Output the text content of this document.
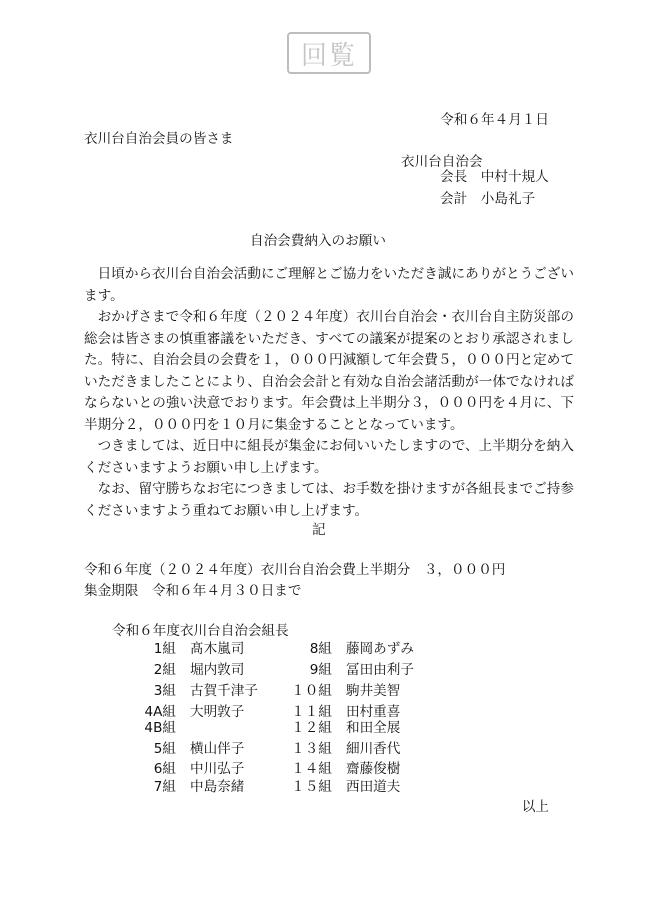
回覧
令和６年４月１日
衣川台自治会員の皆さま
衣川台自治会
会長　 中村十規人
会計　 小島礼子
自治会費納入のお願い

日頃から衣川台自治会活動にご理解とご協力をいただき誠にありがとうございます。

おかげさまで令和６年度（２０２４年度）衣川台自治会・衣川台自主防災部の総会は皆さまの慎重審議をいただき、すべての議案が提案のとおり承認されました。特に、自治会員の会費を１，０００円減額して年会費５，０００円と定めていただきましたことにより、自治会会計と有効な自治会諸活動が一体でなければならないとの強い決意でおります。年会費は上半期分３，０００円を４月に、下半期分２，０００円を１０月に集金することとなっています。

つきましては、近日中に組長が集金にお伺いいたしますので、上半期分を納入くださいますようお願い申し上げます。

なお、留守勝ちなお宅につきましては、お手数を掛けますが各組長までご持参くださいますよう重ねてお願い申し上げます。

記
令和６年度（２０２４年度）衣川台自治会費上半期分　３，０００円
集金期限　令和６年４月３０日まで
令和６年度衣川台自治会組長
1組 髙木嵐司
2組 堀内敦司
3組 古賀千津子
4A組 大明敦子
4B組
5組 横山伴子
6組 中川弘子
7組 中島奈緒
8組 藤岡あずみ
9組 冨田由利子
１０組 駒井美智
１１組 田村重喜
１２組 和田全展
１３組 細川香代
１４組 齋藤俊樹
１５組 西田道夫
以上
